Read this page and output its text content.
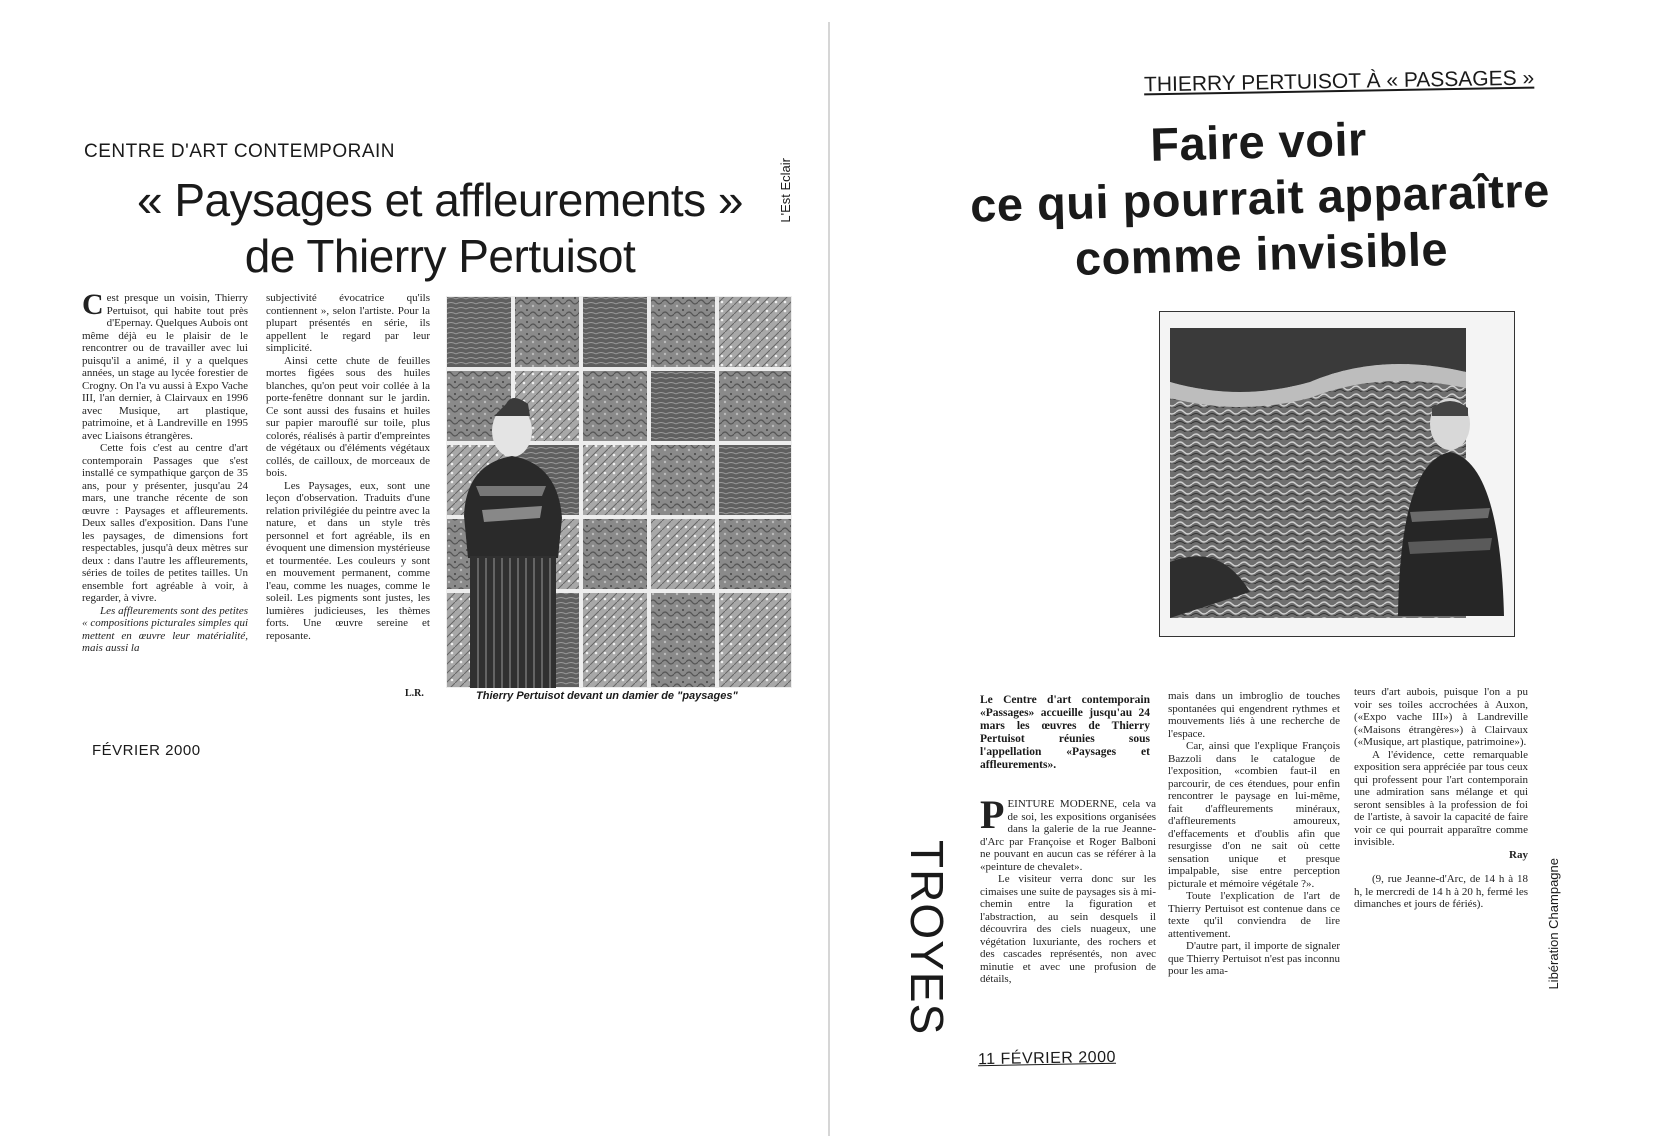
CENTRE D'ART CONTEMPORAIN
« Paysages et affleurements »
de Thierry Pertuisot
L'Est Eclair

Cest presque un voisin, Thierry Pertuisot, qui habite tout près d'Epernay. Quelques Aubois ont même déjà eu le plaisir de le rencontrer ou de travailler avec lui puisqu'il a animé, il y a quelques années, un stage au lycée forestier de Crogny. On l'a vu aussi à Expo Vache III, l'an dernier, à Clairvaux en 1996 avec Musique, art plastique, patrimoine, et à Landreville en 1995 avec Liaisons étrangères.

Cette fois c'est au centre d'art contemporain Passages que s'est installé ce sympathique garçon de 35 ans, pour y présenter, jusqu'au 24 mars, une tranche récente de son œuvre : Paysages et affleurements. Deux salles d'exposition. Dans l'une les paysages, de dimensions fort respectables, jusqu'à deux mètres sur deux : dans l'autre les affleurements, séries de toiles de petites tailles. Un ensemble fort agréable à voir, à regarder, à vivre.

Les affleurements sont des petites « compositions picturales simples qui mettent en œuvre leur matérialité, mais aussi la

subjectivité évocatrice qu'ils contiennent », selon l'artiste. Pour la plupart présentés en série, ils appellent le regard par leur simplicité.

Ainsi cette chute de feuilles mortes figées sous des huiles blanches, qu'on peut voir collée à la porte-fenêtre donnant sur le jardin. Ce sont aussi des fusains et huiles sur papier marouflé sur toile, plus colorés, réalisés à partir d'empreintes de végétaux ou d'éléments végétaux collés, de cailloux, de morceaux de bois.

Les Paysages, eux, sont une leçon d'observation. Traduits d'une relation privilégiée du peintre avec la nature, et dans un style très personnel et fort agréable, ils en évoquent une dimension mystérieuse et tourmentée. Les couleurs y sont en mouvement permanent, comme l'eau, comme les nuages, comme le soleil. Les pigments sont justes, les lumières judicieuses, les thèmes forts. Une œuvre sereine et reposante.

L.R.	Thierry Pertuisot devant un damier de "paysages"
FÉVRIER 2000
THIERRY PERTUISOT À « PASSAGES »
Faire voir
ce qui pourrait apparaître
comme invisible
TROYES
Le Centre d'art contemporain «Passages» accueille jusqu'au 24 mars les œuvres de Thierry Pertuisot réunies sous l'appellation «Paysages et affleurements».

PEINTURE MODERNE, cela va de soi, les expositions organisées dans la galerie de la rue Jeanne-d'Arc par Françoise et Roger Balboni ne pouvant en aucun cas se référer à la «peinture de chevalet».

Le visiteur verra donc sur les cimaises une suite de paysages sis à mi-chemin entre la figuration et l'abstraction, au sein desquels il découvrira des ciels nuageux, une végétation luxuriante, des rochers et des cascades représentés, non avec minutie et avec une profusion de détails,

mais dans un imbroglio de touches spontanées qui engendrent rythmes et mouvements liés à une recherche de l'espace.

Car, ainsi que l'explique François Bazzoli dans le catalogue de l'exposition, «combien faut-il en parcourir, de ces étendues, pour enfin rencontrer le paysage en lui-même, fait d'affleurements minéraux, d'affleurements amoureux, d'effacements et d'oublis afin que resurgisse d'on ne sait où cette sensation unique et presque impalpable, sise entre perception picturale et mémoire végétale ?».

Toute l'explication de l'art de Thierry Pertuisot est contenue dans ce texte qu'il conviendra de lire attentivement.

D'autre part, il importe de signaler que Thierry Pertuisot n'est pas inconnu pour les ama-

teurs d'art aubois, puisque l'on a pu voir ses toiles accrochées à Auxon, («Expo vache III») à Landreville («Maisons étrangères») à Clairvaux («Musique, art plastique, patrimoine»).

A l'évidence, cette remarquable exposition sera appréciée par tous ceux qui professent pour l'art contemporain une admiration sans mélange et qui seront sensibles à la profession de foi de l'artiste, à savoir la capacité de faire voir ce qui pourrait apparaître comme invisible.

Ray

(9, rue Jeanne-d'Arc, de 14 h à 18 h, le mercredi de 14 h à 20 h, fermé les dimanches et jours de fériés).	Libération Champagne
11 FÉVRIER 2000
